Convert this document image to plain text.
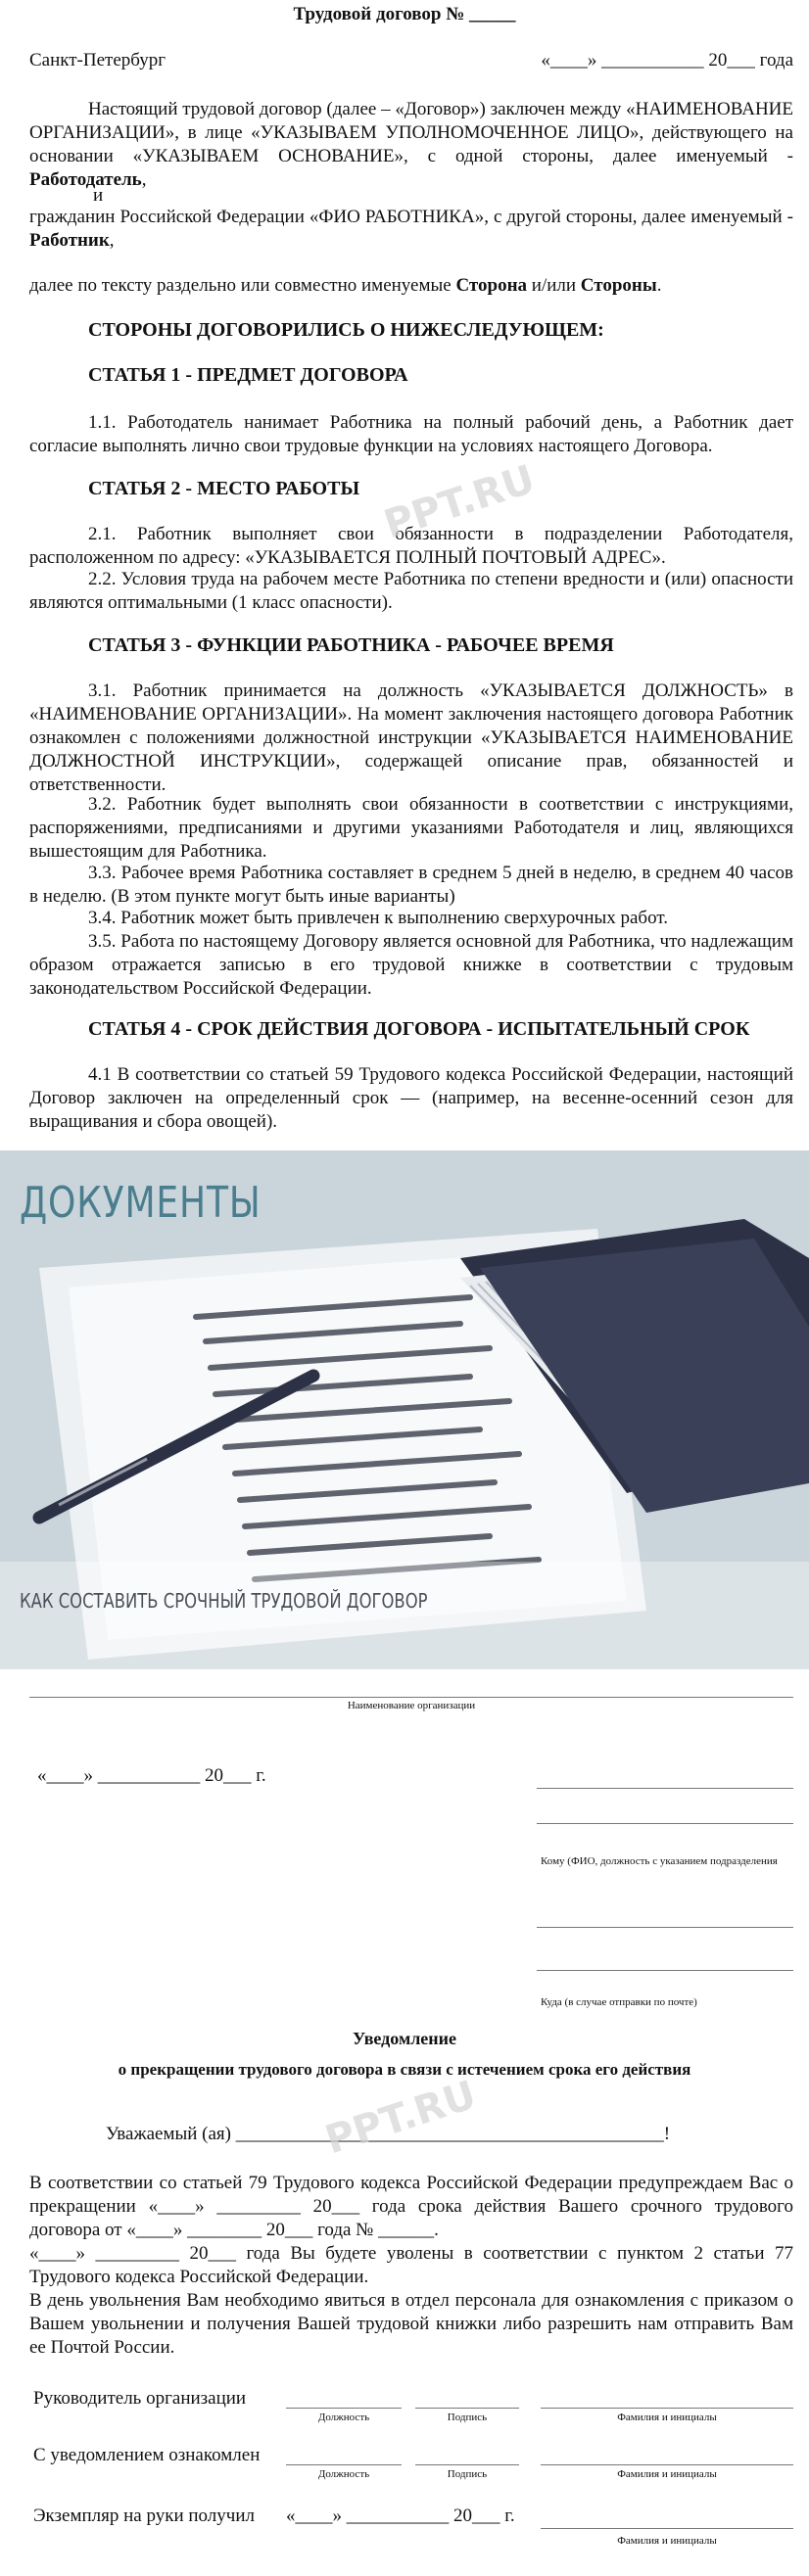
Трудовой договор № _____
Санкт-Петербург	«____» ___________ 20___ года
Настоящий трудовой договор (далее – «Договор») заключен между «НАИМЕНОВАНИЕ ОРГАНИЗАЦИИ», в лице «УКАЗЫВАЕМ УПОЛНОМОЧЕННОЕ ЛИЦО», действующего на основании «УКАЗЫВАЕМ ОСНОВАНИЕ», с одной стороны, далее именуемый - Работодатель,
и
гражданин Российской Федерации «ФИО РАБОТНИКА», с другой стороны, далее именуемый - Работник,
далее по тексту раздельно или совместно именуемые Сторона и/или Стороны.
СТОРОНЫ ДОГОВОРИЛИСЬ О НИЖЕСЛЕДУЮЩЕМ:
СТАТЬЯ 1 - ПРЕДМЕТ ДОГОВОРА
1.1. Работодатель нанимает Работника на полный рабочий день, а Работник дает согласие выполнять лично свои трудовые функции на условиях настоящего Договора.
СТАТЬЯ 2 - МЕСТО РАБОТЫ
2.1. Работник выполняет свои обязанности в подразделении Работодателя, расположенном по адресу: «УКАЗЫВАЕТСЯ ПОЛНЫЙ ПОЧТОВЫЙ АДРЕС».
2.2. Условия труда на рабочем месте Работника по степени вредности и (или) опасности являются оптимальными (1 класс опасности).
СТАТЬЯ 3 - ФУНКЦИИ РАБОТНИКА - РАБОЧЕЕ ВРЕМЯ
3.1. Работник принимается на должность «УКАЗЫВАЕТСЯ ДОЛЖНОСТЬ» в «НАИМЕНОВАНИЕ ОРГАНИЗАЦИИ». На момент заключения настоящего договора Работник ознакомлен с положениями должностной инструкции «УКАЗЫВАЕТСЯ НАИМЕНОВАНИЕ ДОЛЖНОСТНОЙ ИНСТРУКЦИИ», содержащей описание прав, обязанностей и ответственности.
3.2. Работник будет выполнять свои обязанности в соответствии с инструкциями, распоряжениями, предписаниями и другими указаниями Работодателя и лиц, являющихся вышестоящим для Работника.
3.3. Рабочее время Работника составляет в среднем 5 дней в неделю, в среднем 40 часов в неделю. (В этом пункте могут быть иные варианты)
3.4. Работник может быть привлечен к выполнению сверхурочных работ.
3.5. Работа по настоящему Договору является основной для Работника, что надлежащим образом отражается записью в его трудовой книжке в соответствии с трудовым законодательством Российской Федерации.
СТАТЬЯ 4 - СРОК ДЕЙСТВИЯ ДОГОВОРА - ИСПЫТАТЕЛЬНЫЙ СРОК
4.1 В соответствии со статьей 59 Трудового кодекса Российской Федерации, настоящий Договор заключен на определенный срок — (например, на весенне-осенний сезон для выращивания и сбора овощей).
PPT.RU
ДОКУМЕНТЫ
КАК СОСТАВИТЬ СРОЧНЫЙ ТРУДОВОЙ ДОГОВОР
Наименование организации
«____» ___________ 20___ г.
Кому (ФИО, должность с указанием подразделения
Куда (в случае отправки по почте)
Уведомление
о прекращении трудового договора в связи с истечением срока его действия
Уважаемый (ая) ______________________________________________!
В соответствии со статьей 79 Трудового кодекса Российской Федерации предупреждаем Вас о прекращении «____» _________ 20___ года срока действия Вашего срочного трудового договора от «____» ________ 20___ года № ______.
«____» _________ 20___ года Вы будете уволены в соответствии с пунктом 2 статьи 77 Трудового кодекса Российской Федерации.
В день увольнения Вам необходимо явиться в отдел персонала для ознакомления с приказом о Вашем увольнении и получения Вашей трудовой книжки либо разрешить нам отправить Вам ее Почтой России.
PPT.RU
Руководитель организации
Должность	Подпись	Фамилия и инициалы
С уведомлением ознакомлен
Должность	Подпись	Фамилия и инициалы
Экземпляр на руки получил «____» ___________ 20___ г.
Фамилия и инициалы
